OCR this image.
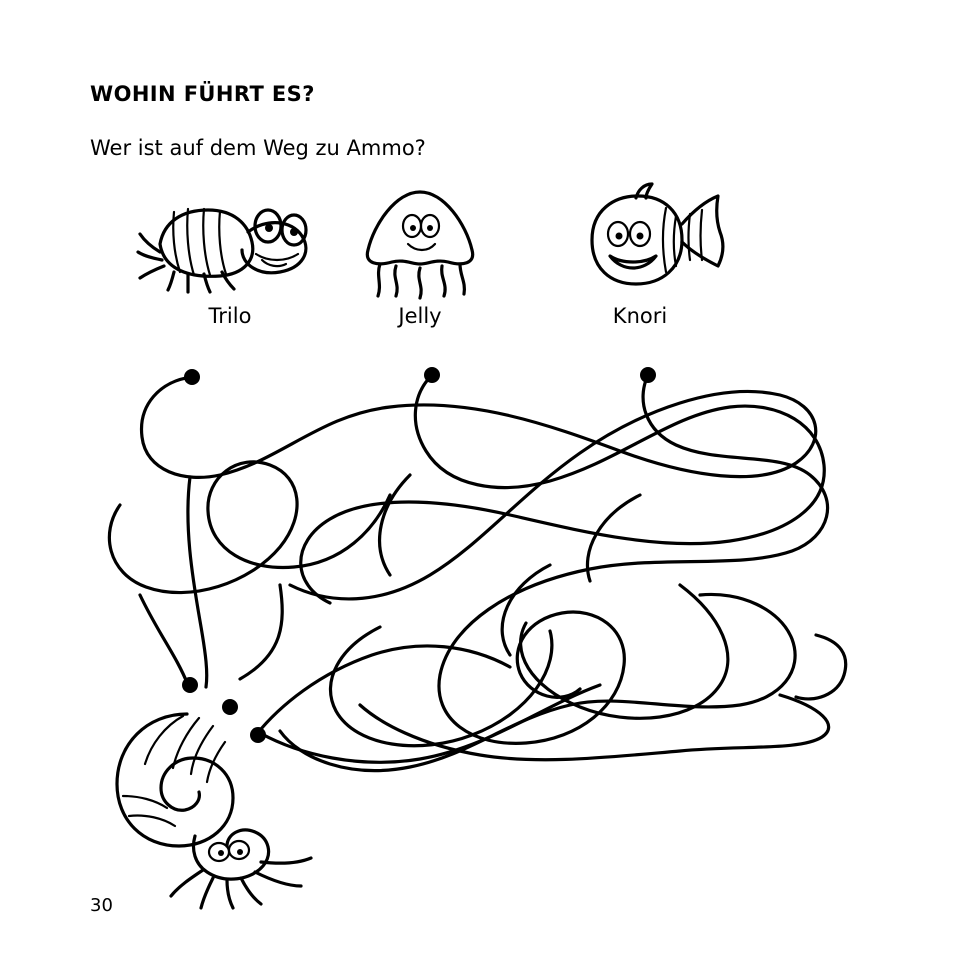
WOHIN FÜHRT ES?
Wer ist auf dem Weg zu Ammo?
Trilo	Jelly	Knori
30
